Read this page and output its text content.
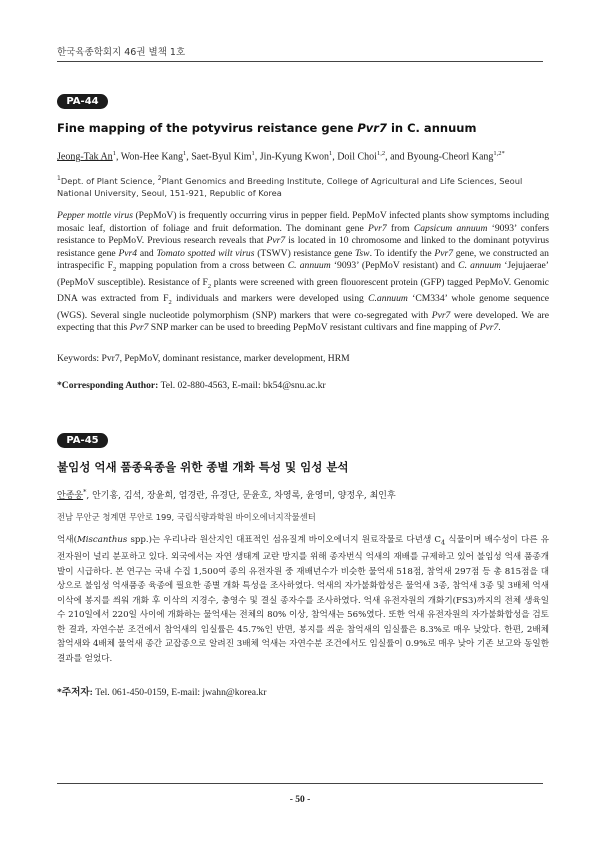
한국육종학회지 46권 별책 1호
PA-44
Fine mapping of the potyvirus reistance gene Pvr7 in C. annuum
Jeong-Tak An$^1$, Won-Hee Kang$^1$, Saet-Byul Kim$^1$, Jin-Kyung Kwon$^1$, Doil Choi$^{1,2}$, and Byoung-Cheorl Kang$^{1,2*}$
$^1$Dept. of Plant Science, $^2$Plant Genomics and Breeding Institute, College of Agricultural and Life Sciences, Seoul National University, Seoul, 151-921, Republic of Korea
Pepper mottle virus (PepMoV) is frequently occurring virus in pepper field. PepMoV infected plants show symptoms including mosaic leaf, distortion of foliage and fruit deformation. The dominant gene Pvr7 from Capsicum annuum ‘9093’ confers resistance to PepMoV. Previous research reveals that Pvr7 is located in 10 chromosome and linked to the dominant potyvirus resistance gene Pvr4 and Tomato spotted wilt virus (TSWV) resistance gene Tsw. To identify the Pvr7 gene, we constructed an intraspecific $F_2$ mapping population from a cross between C. annuum ‘9093’ (PepMoV resistant) and C. annuum ‘Jejujaerae’ (PepMoV susceptible). Resistance of $F_2$ plants were screened with green flouorescent protein (GFP) tagged PepMoV. Genomic DNA was extracted from $F_2$ individuals and markers were developed using C.annuum ‘CM334’ whole genome sequence (WGS). Several single nucleotide polymorphism (SNP) markers that were co-segregated with Pvr7 were developed. We are expecting that this Pvr7 SNP marker can be used to breeding PepMoV resistant cultivars and fine mapping of Pvr7.
Keywords: Pvr7, PepMoV, dominant resistance, marker development, HRM
*Corresponding Author: Tel. 02-880-4563, E-mail: bk54@snu.ac.kr
PA-45
불임성 억새 품종육종을 위한 종별 개화 특성 및 임성 분석
안종웅*, 안기홍, 김석, 장윤희, 엄경란, 유경단, 문윤호, 차영록, 윤영미, 양정우, 최인후
전남 무안군 청계면 무안로 199, 국립식량과학원 바이오에너지작물센터
억새(Miscanthus spp.)는 우리나라 원산지인 대표적인 섬유질계 바이오에너지 원료작물로 다년생 $C_4$ 식물이며 배수성이 다른 유전자원이 널리 분포하고 있다. 외국에서는 자연 생태계 교란 방지를 위해 종자번식 억새의 재배를 규제하고 있어 불임성 억새 품종개발이 시급하다. 본 연구는 국내 수집 1,500여 종의 유전자원 중 재배년수가 비슷한 물억새 518점, 참억새 297점 등 총 815점을 대상으로 불임성 억새품종 육종에 필요한 종별 개화 특성을 조사하였다. 억새의 자가불화합성은 물억새 3종, 참억새 3종 및 3배체 억새 이삭에 봉지를 씌워 개화 후 이삭의 지경수, 충영수 및 결실 종자수를 조사하였다. 억새 유전자원의 개화기(FS3)까지의 전체 생육일수 210일에서 220일 사이에 개화하는 물억새는 전체의 80% 이상, 참억새는 56%였다. 또한 억새 유전자원의 자가불화합성을 검토한 결과, 자연수분 조건에서 참억새의 임실률은 45.7%인 반면, 봉지를 씌운 참억새의 임실률은 8.3%로 매우 낮았다. 한편, 2배체 참억새와 4배체 물억새 종간 교잡종으로 알려진 3배체 억새는 자연수분 조건에서도 임실률이 0.9%로 매우 낮아 기존 보고와 동일한 결과를 얻었다.
*주저자: Tel. 061-450-0159, E-mail: jwahn@korea.kr
- 50 -
